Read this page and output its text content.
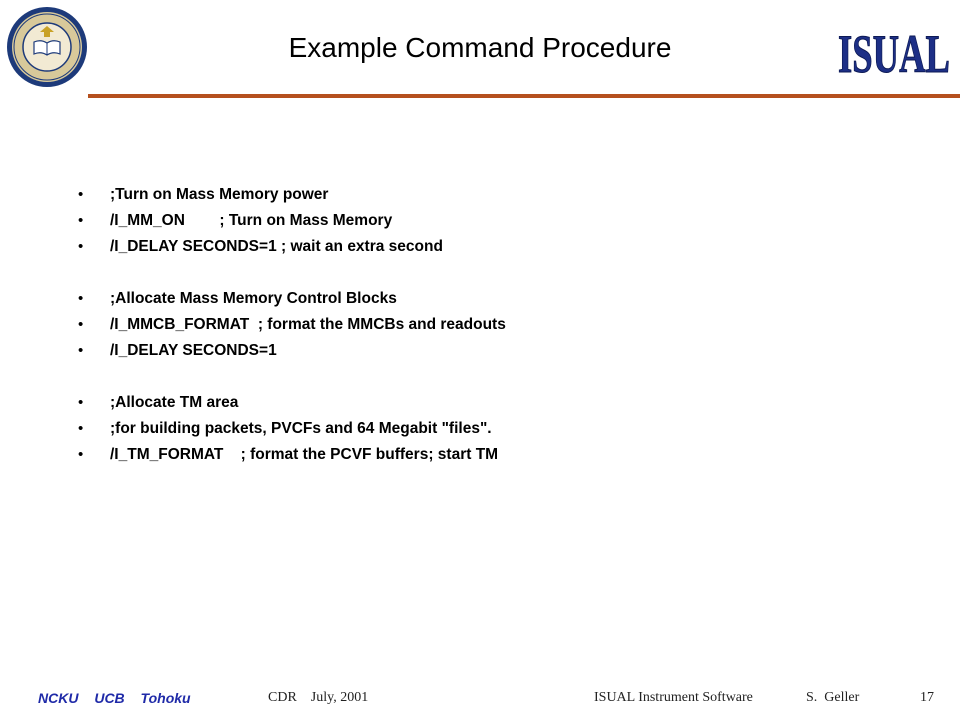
Example Command Procedure	ISUAL

•

;Turn on Mass Memory power

•

/I_MM_ON        ; Turn on Mass Memory

•

/I_DELAY SECONDS=1 ; wait an extra second

•

;Allocate Mass Memory Control Blocks

•

/I_MMCB_FORMAT  ; format the MMCBs and readouts

•

/I_DELAY SECONDS=1

•

;Allocate TM area

•

;for building packets, PVCFs and 64 Megabit "files".

•

/I_TM_FORMAT    ; format the PCVF buffers; start TM

NCKU UCB Tohoku	CDR    July, 2001	ISUAL Instrument Software	S.  Geller	17
